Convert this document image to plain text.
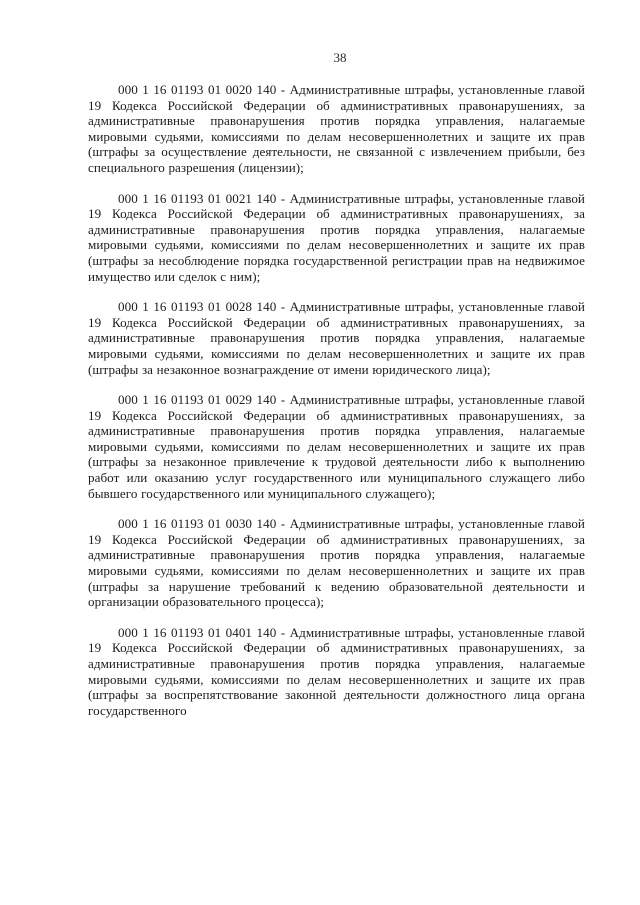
38

000 1 16 01193 01 0020 140 - Административные штрафы, установленные главой 19 Кодекса Российской Федерации об административных правонарушениях, за административные правонарушения против порядка управления, налагаемые мировыми судьями, комиссиями по делам несовершеннолетних и защите их прав (штрафы за осуществление деятельности, не связанной с извлечением прибыли, без специального разрешения (лицензии);

000 1 16 01193 01 0021 140 - Административные штрафы, установленные главой 19 Кодекса Российской Федерации об административных правонарушениях, за административные правонарушения против порядка управления, налагаемые мировыми судьями, комиссиями по делам несовершеннолетних и защите их прав (штрафы за несоблюдение порядка государственной регистрации прав на недвижимое имущество или сделок с ним);

000 1 16 01193 01 0028 140 - Административные штрафы, установленные главой 19 Кодекса Российской Федерации об административных правонарушениях, за административные правонарушения против порядка управления, налагаемые мировыми судьями, комиссиями по делам несовершеннолетних и защите их прав (штрафы за незаконное вознаграждение от имени юридического лица);

000 1 16 01193 01 0029 140 - Административные штрафы, установленные главой 19 Кодекса Российской Федерации об административных правонарушениях, за административные правонарушения против порядка управления, налагаемые мировыми судьями, комиссиями по делам несовершеннолетних и защите их прав (штрафы за незаконное привлечение к трудовой деятельности либо к выполнению работ или оказанию услуг государственного или муниципального служащего либо бывшего государственного или муниципального служащего);

000 1 16 01193 01 0030 140 - Административные штрафы, установленные главой 19 Кодекса Российской Федерации об административных правонарушениях, за административные правонарушения против порядка управления, налагаемые мировыми судьями, комиссиями по делам несовершеннолетних и защите их прав (штрафы за нарушение требований к ведению образовательной деятельности и организации образовательного процесса);

000 1 16 01193 01 0401 140 - Административные штрафы, установленные главой 19 Кодекса Российской Федерации об административных правонарушениях, за административные правонарушения против порядка управления, налагаемые мировыми судьями, комиссиями по делам несовершеннолетних и защите их прав (штрафы за воспрепятствование законной деятельности должностного лица органа государственного
